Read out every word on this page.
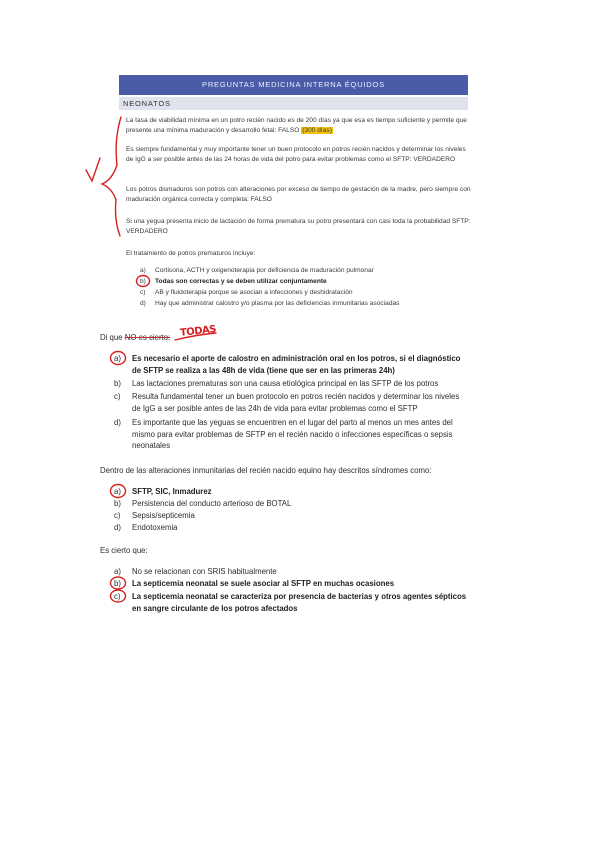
PREGUNTAS MEDICINA INTERNA ÉQUIDOS
NEONATOS
La tasa de viabilidad mínima en un potro recién nacido es de 200 días ya que esa es tiempo suficiente y permite que presente una mínima maduración y desarrollo fetal: FALSO (300 días)
Es siempre fundamental y muy importante tener un buen protocolo en potros recién nacidos y determinar los niveles de IgG a ser posible antes de las 24 horas de vida del potro para evitar problemas como el SFTP: VERDADERO
Los potros dismaduros son potros con alteraciones por exceso de tiempo de gestación de la madre, pero siempre con maduración orgánica correcta y completa: FALSO
Si una yegua presenta inicio de lactación de forma prematura su potro presentará con casi toda la probabilidad SFTP: VERDADERO
El tratamiento de potros prematuros incluye:
a) Cortisona, ACTH y oxigenoterapia por deficiencia de maduración pulmonar
b) Todas son correctas y se deben utilizar conjuntamente
c) AB y fluidoterapia porque se asocian a infecciones y deshidratación
d) Hay que administrar calostro y/o plasma por las deficiencias inmunitarias asociadas
Di que NO es cierto: TODAS
a) Es necesario el aporte de calostro en administración oral en los potros, si el diagnóstico de SFTP se realiza a las 48h de vida (tiene que ser en las primeras 24h)
b) Las lactaciones prematuras son una causa etiológica principal en las SFTP de los potros
c) Resulta fundamental tener un buen protocolo en potros recién nacidos y determinar los niveles de IgG a ser posible antes de las 24h de vida para evitar problemas como el SFTP
d) Es importante que las yeguas se encuentren en el lugar del parto al menos un mes antes del mismo para evitar problemas de SFTP en el recién nacido o infecciones específicas o sepsis neonatales
Dentro de las alteraciones inmunitarias del recién nacido equino hay descritos síndromes como:
a) SFTP, SIC, Inmadurez
b) Persistencia del conducto arterioso de BOTAL
c) Sepsis/septicemia
d) Endotoxemia
Es cierto que:
a) No se relacionan con SRIS habitualmente
b) La septicemia neonatal se suele asociar al SFTP en muchas ocasiones
c) La septicemia neonatal se caracteriza por presencia de bacterias y otros agentes sépticos en sangre circulante de los potros afectados
